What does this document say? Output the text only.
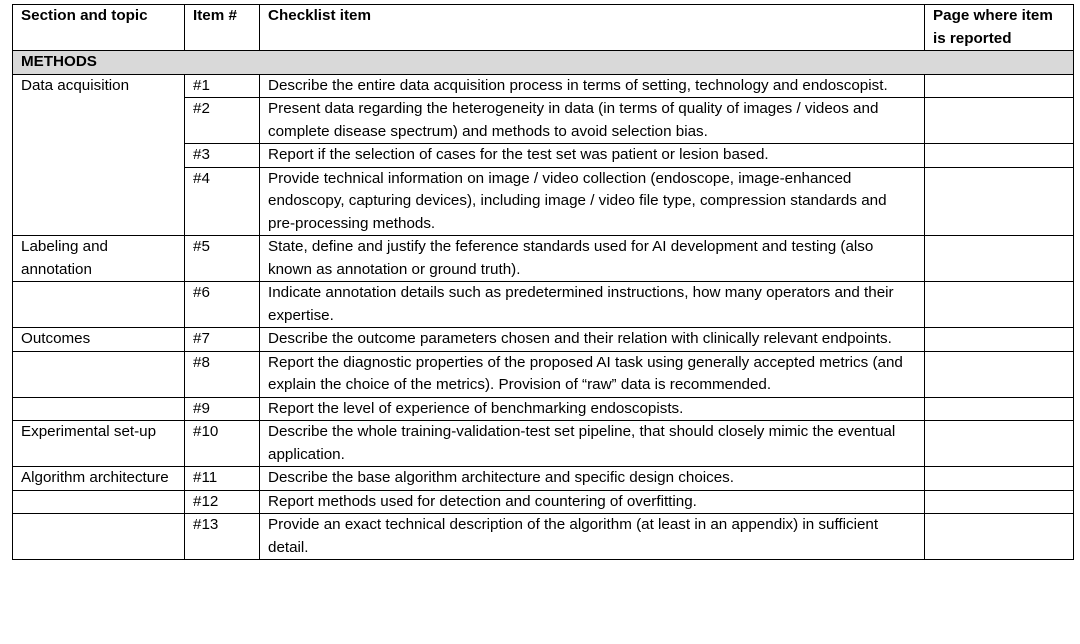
Section and topic	Item #	Checklist item	Page where item is reported
METHODS			
Data acquisition	#1	Describe the entire data acquisition process in terms of setting, technology and endoscopist.	
	#2	Present data regarding the heterogeneity in data (in terms of quality of images / videos and complete disease spectrum) and methods to avoid selection bias.	
	#3	Report if the selection of cases for the test set was patient or lesion based.	
	#4	Provide technical information on image / video collection (endoscope, image-enhanced endoscopy, capturing devices), including image / video file type, compression standards and pre-processing methods.	
Labeling and annotation	#5	State, define and justify the feference standards used for AI development and testing (also known as annotation or ground truth).	
	#6	Indicate annotation details such as predetermined instructions, how many operators and their expertise.	
Outcomes	#7	Describe the outcome parameters chosen and their relation with clinically relevant endpoints.	
	#8	Report the diagnostic properties of the proposed AI task using generally accepted metrics (and explain the choice of the metrics). Provision of “raw” data is recommended.	
	#9	Report the level of experience of benchmarking endoscopists.	
Experimental set-up	#10	Describe the whole training-validation-test set pipeline, that should closely mimic the eventual application.	
Algorithm architecture	#11	Describe the base algorithm architecture and specific design choices.	
	#12	Report methods used for detection and countering of overfitting.	
	#13	Provide an exact technical description of the algorithm (at least in an appendix) in sufficient detail.	
